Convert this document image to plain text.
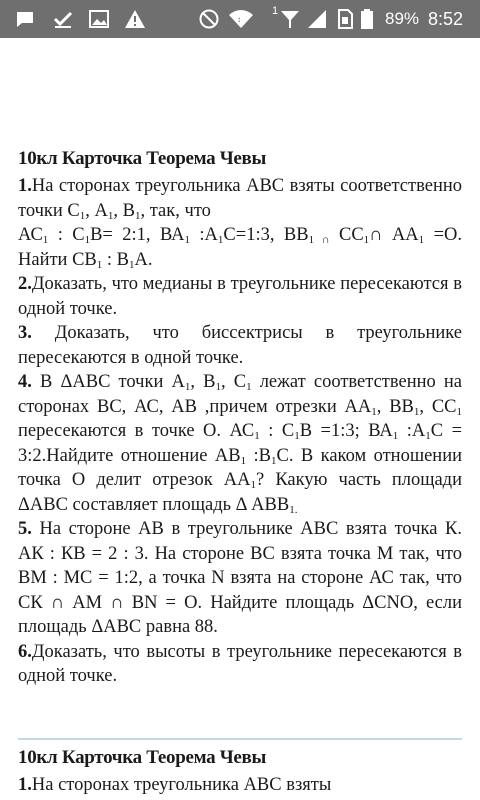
↕
1	89% 8:52

10кл Карточка Теорема Чевы

1.На сторонах треугольника АВС взяты соответственно точки $С_1$, $А_1$, $В_1$, так, что

$АС_1$ : $С_1В=$ 2:1, $ВА_1$ $:А_1С=1:3$, $ВВ_{1 \cap}$ $СС_1\cap$ $АА_1 =О$. Найти $СВ_1$ : $В_1А$.

2.Доказать, что медианы в треугольнике пересекаются в одной точке.

3. Доказать, что биссектрисы в треугольнике пересекаются в одной точке.

4. В ΔАВС точки $А_1$, $В_1$, $С_1$ лежат соответственно на сторонах ВС, АС, АВ ,причем отрезки $АА_1$, $ВВ_1$, $СС_1$ пересекаются в точке О. $АС_1$ : $С_1В$ =1:3; $ВА_1$ $:А_1С$ = 3:2.Найдите отношение $АВ_1$ $:В_1С$. В каком отношении точка О делит отрезок $АА_1$? Какую часть площади ΔАВС составляет площадь Δ $АВВ_{1.}$

5. На стороне АВ в треугольнике АВС взята точка К. АК : КВ = 2 : 3. На стороне ВС взята точка М так, что ВМ : МС = 1:2, а точка N взята на стороне АС так, что СК ∩ АМ ∩ BN = О. Найдите площадь ΔСNO, если площадь ΔАВС равна 88.

6.Доказать, что высоты в треугольнике пересекаются в одной точке.

10кл Карточка Теорема Чевы

1.На сторонах треугольника АВС взяты
